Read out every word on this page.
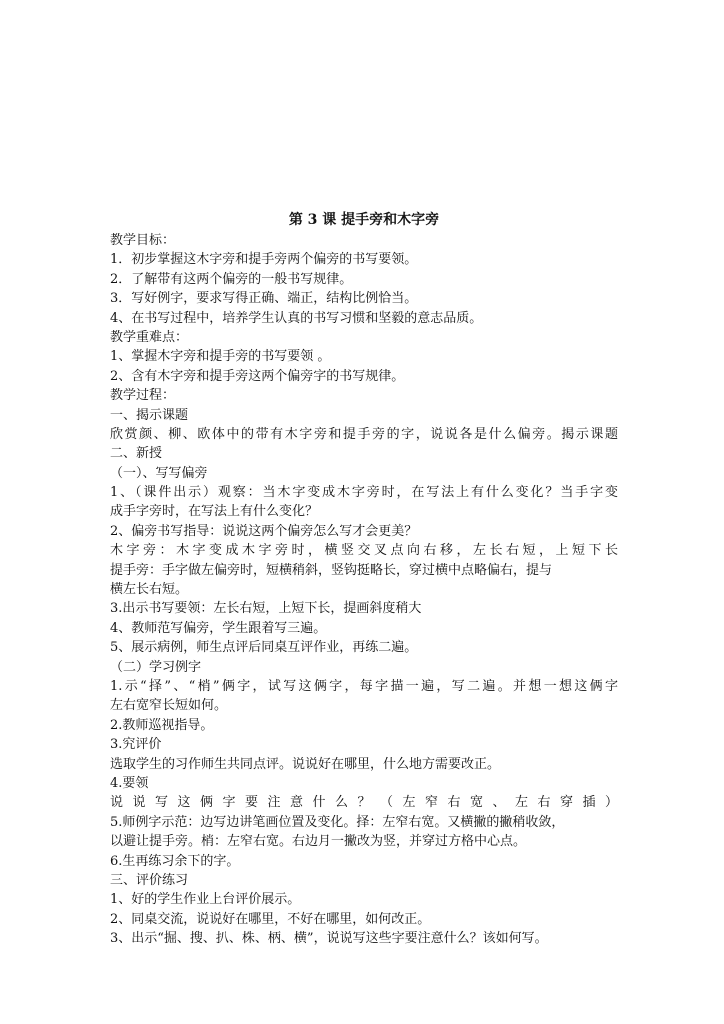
第 3 课 提手旁和木字旁
教学目标：
1．初步掌握这木字旁和提手旁两个偏旁的书写要领。
2．了解带有这两个偏旁的一般书写规律。
3．写好例字，要求写得正确、端正，结构比例恰当。
4、在书写过程中，培养学生认真的书写习惯和坚毅的意志品质。
教学重难点：
1、掌握木字旁和提手旁的书写要领 。
2、含有木字旁和提手旁这两个偏旁字的书写规律。
教学过程：
一、揭示课题
欣赏颜、柳、欧体中的带有木字旁和提手旁的字，说说各是什么偏旁。揭示课题
二、新授
（一）、写写偏旁
1、（课件出示）观察：当木字变成木字旁时，在写法上有什么变化？当手字变
成手字旁时，在写法上有什么变化？
2、偏旁书写指导：说说这两个偏旁怎么写才会更美？
木字旁：木字变成木字旁时，横竖交叉点向右移，左长右短，上短下长
提手旁：手字做左偏旁时，短横稍斜，竖钩挺略长，穿过横中点略偏右，提与
横左长右短。
3.出示书写要领：左长右短，上短下长，提画斜度稍大
4、教师范写偏旁，学生跟着写三遍。
5、展示病例，师生点评后同桌互评作业，再练二遍。
（二）学习例字
1.示“择”、“梢”俩字，试写这俩字，每字描一遍，写二遍。并想一想这俩字
左右宽窄长短如何。
2.教师巡视指导。
3.究评价
选取学生的习作师生共同点评。说说好在哪里，什么地方需要改正。
4.要领
说说写这俩字要注意什么？（左窄右宽、左右穿插）
5.师例字示范：边写边讲笔画位置及变化。择：左窄右宽。又横撇的撇稍收敛，
以避让提手旁。梢：左窄右宽。右边月一撇改为竖，并穿过方格中心点。
6.生再练习余下的字。
三、评价练习
1、好的学生作业上台评价展示。
2、同桌交流，说说好在哪里，不好在哪里，如何改正。
3、出示“掘、搜、扒、株、柄、横”，说说写这些字要注意什么？该如何写。
